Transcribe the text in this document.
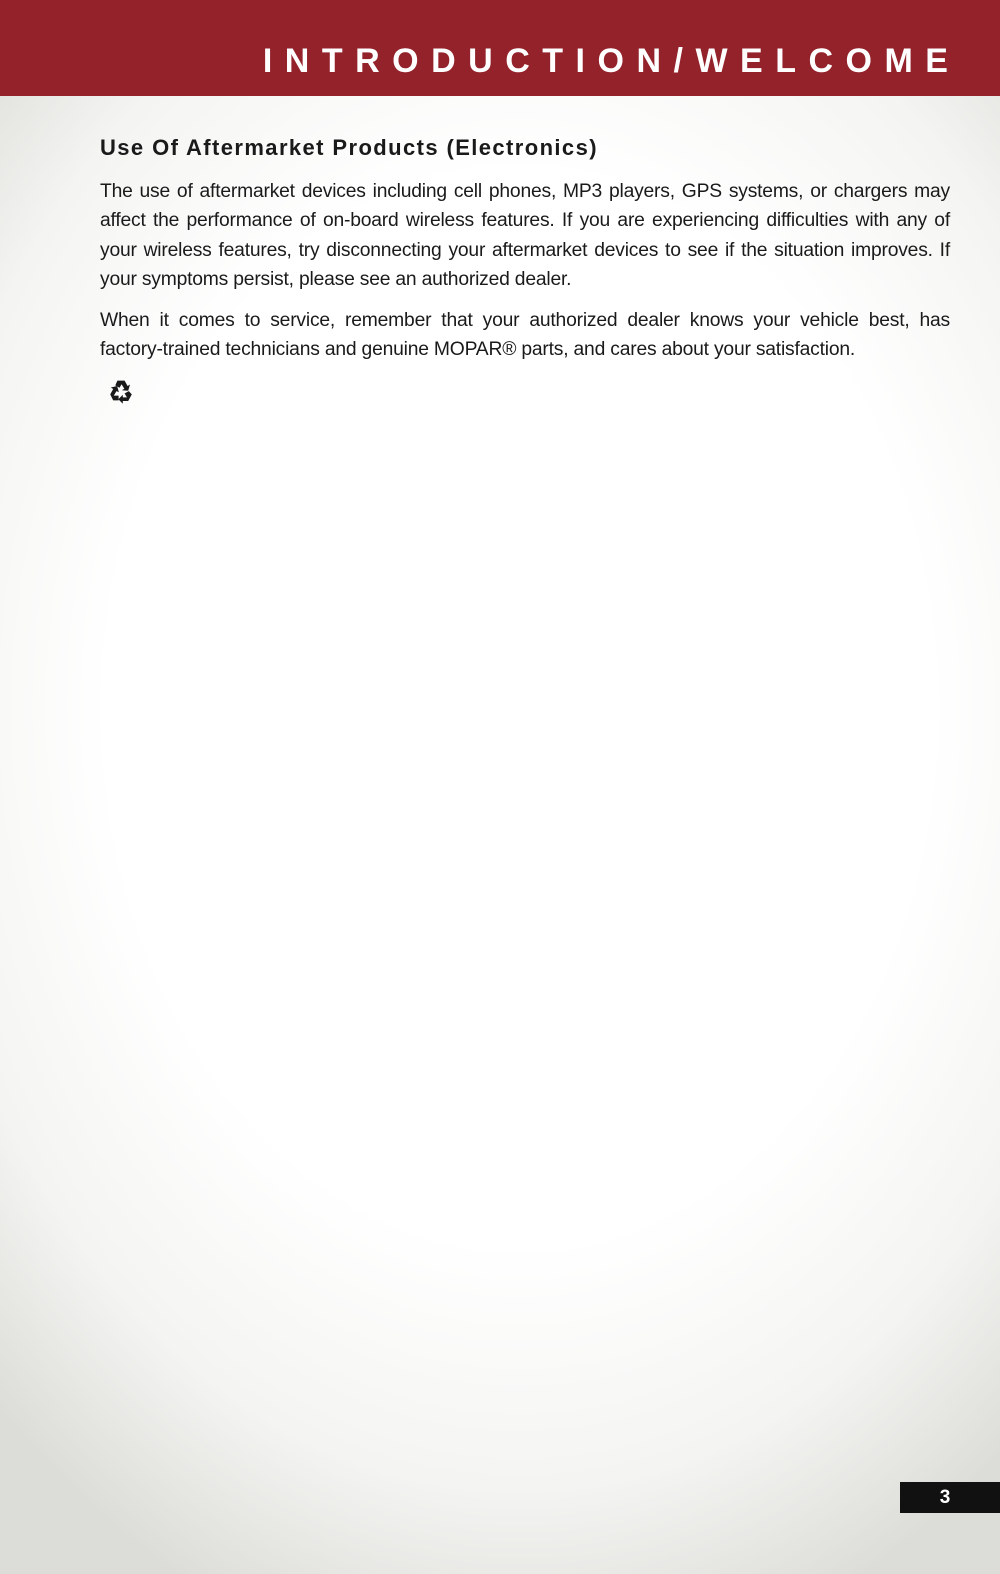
INTRODUCTION/WELCOME
Use Of Aftermarket Products (Electronics)

The use of aftermarket devices including cell phones, MP3 players, GPS systems, or chargers may affect the performance of on-board wireless features. If you are experiencing difficulties with any of your wireless features, try disconnecting your aftermarket devices to see if the situation improves. If your symptoms persist, please see an authorized dealer.

When it comes to service, remember that your authorized dealer knows your vehicle best, has factory-trained technicians and genuine MOPAR® parts, and cares about your satisfaction.

3
